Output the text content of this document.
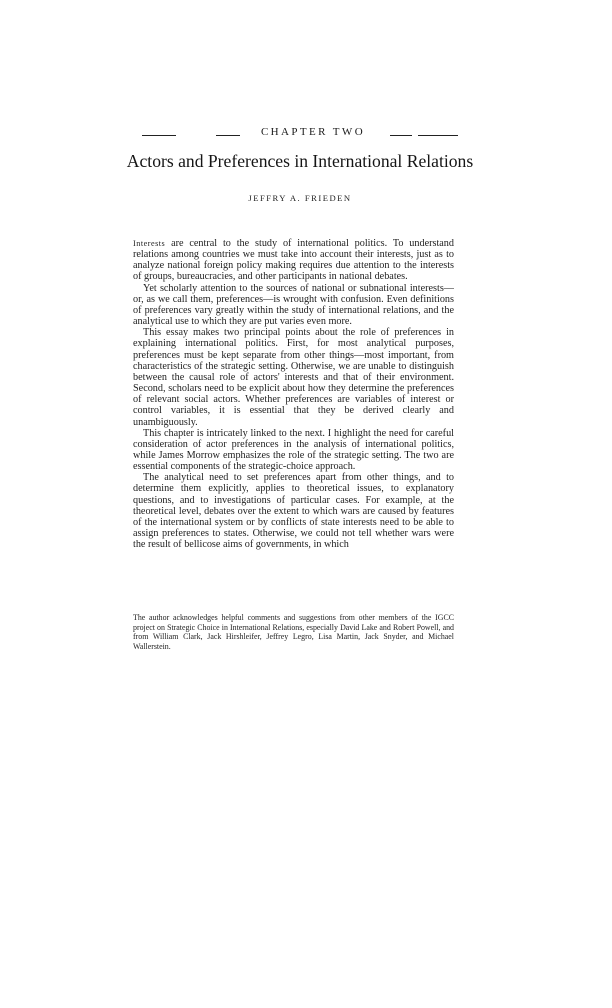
CHAPTER TWO
Actors and Preferences in International Relations
JEFFRY A. FRIEDEN

Interests are central to the study of international politics. To understand relations among countries we must take into account their interests, just as to analyze national foreign policy making requires due attention to the interests of groups, bureaucracies, and other participants in national debates.

Yet scholarly attention to the sources of national or subnational interests—or, as we call them, preferences—is wrought with confusion. Even definitions of preferences vary greatly within the study of international relations, and the analytical use to which they are put varies even more.

This essay makes two principal points about the role of preferences in explaining international politics. First, for most analytical purposes, preferences must be kept separate from other things—most important, from characteristics of the strategic setting. Otherwise, we are unable to distinguish between the causal role of actors' interests and that of their environment. Second, scholars need to be explicit about how they determine the preferences of relevant social actors. Whether preferences are variables of interest or control variables, it is essential that they be derived clearly and unambiguously.

This chapter is intricately linked to the next. I highlight the need for careful consideration of actor preferences in the analysis of international politics, while James Morrow emphasizes the role of the strategic setting. The two are essential components of the strategic-choice approach.

The analytical need to set preferences apart from other things, and to determine them explicitly, applies to theoretical issues, to explanatory questions, and to investigations of particular cases. For example, at the theoretical level, debates over the extent to which wars are caused by features of the international system or by conflicts of state interests need to be able to assign preferences to states. Otherwise, we could not tell whether wars were the result of bellicose aims of governments, in which

The author acknowledges helpful comments and suggestions from other members of the IGCC project on Strategic Choice in International Relations, especially David Lake and Robert Powell, and from William Clark, Jack Hirshleifer, Jeffrey Legro, Lisa Martin, Jack Snyder, and Michael Wallerstein.
